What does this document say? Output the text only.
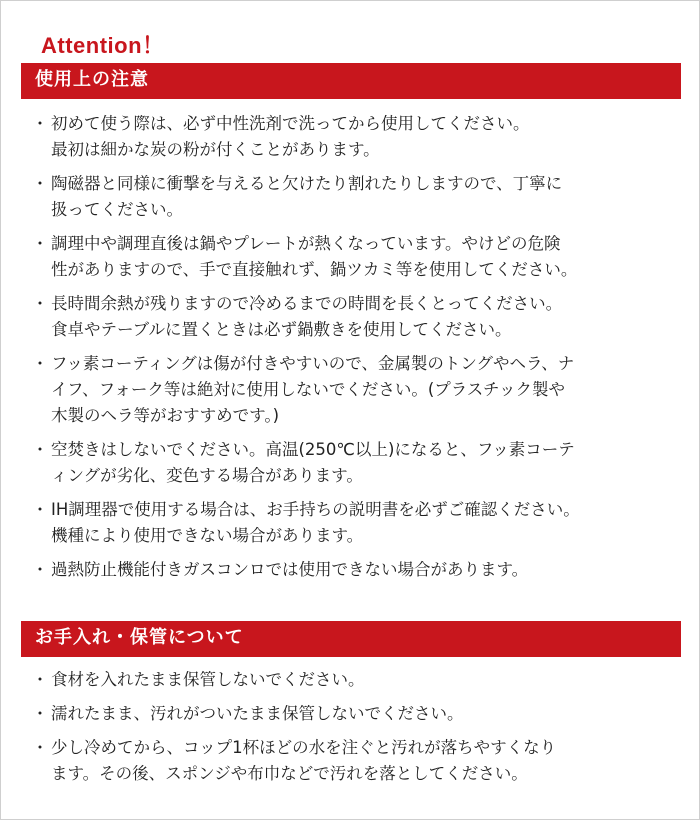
Attention！
使用上の注意
・ 初めて使う際は、必ず中性洗剤で洗ってから使用してください。
最初は細かな炭の粉が付くことがあります。
・ 陶磁器と同様に衝撃を与えると欠けたり割れたりしますので、丁寧に
扱ってください。
・ 調理中や調理直後は鍋やプレートが熱くなっています。やけどの危険
性がありますので、手で直接触れず、鍋ツカミ等を使用してください。
・ 長時間余熱が残りますので冷めるまでの時間を長くとってください。
食卓やテーブルに置くときは必ず鍋敷きを使用してください。
・ フッ素コーティングは傷が付きやすいので、金属製のトングやヘラ、ナ
イフ、フォーク等は絶対に使用しないでください。(プラスチック製や
木製のヘラ等がおすすめです。)
・ 空焚きはしないでください。高温(250℃以上)になると、フッ素コーテ
ィングが劣化、変色する場合があります。
・ IH調理器で使用する場合は、お手持ちの説明書を必ずご確認ください。
機種により使用できない場合があります。
・ 過熱防止機能付きガスコンロでは使用できない場合があります。
お手入れ・保管について
・ 食材を入れたまま保管しないでください。
・ 濡れたまま、汚れがついたまま保管しないでください。
・ 少し冷めてから、コップ1杯ほどの水を注ぐと汚れが落ちやすくなり
ます。その後、スポンジや布巾などで汚れを落としてください。
